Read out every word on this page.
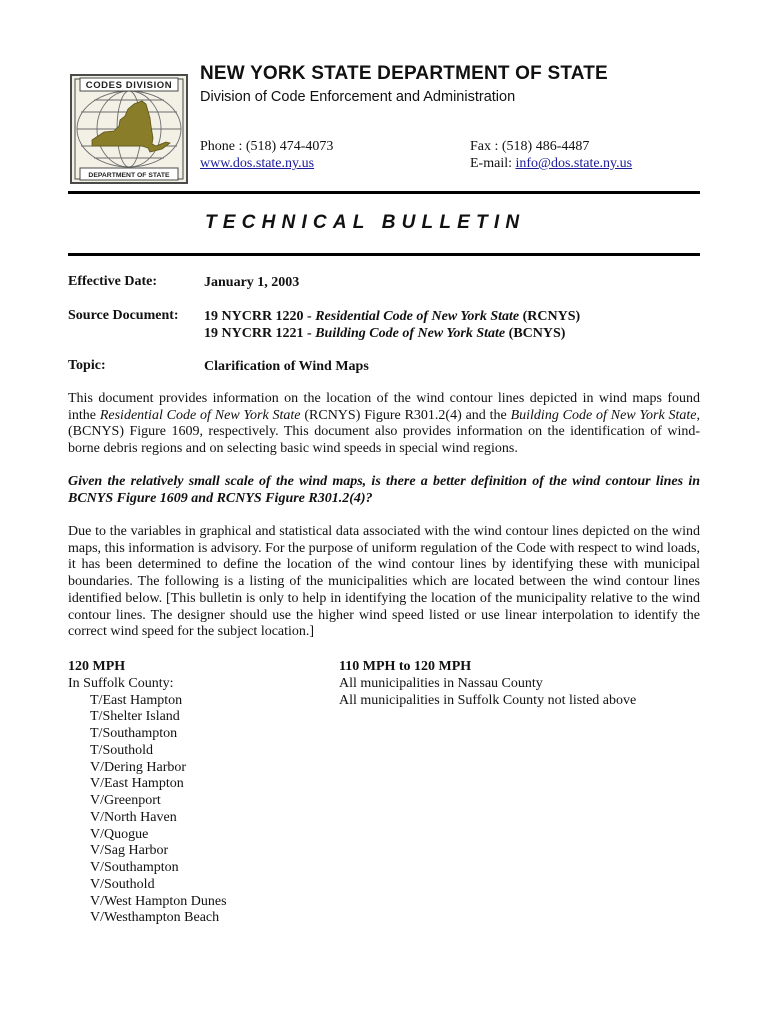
CODES DIVISION
DEPARTMENT OF STATE
NEW YORK STATE DEPARTMENT OF STATE
Division of Code Enforcement and Administration
Phone : (518) 474-4073
www.dos.state.ny.us
Fax : (518) 486-4487
E-mail: info@dos.state.ny.us
TECHNICAL BULLETIN
Effective Date:	January 1, 2003
Source Document: 19 NYCRR 1220 - Residential Code of New York State (RCNYS)
19 NYCRR 1221 - Building Code of New York State (BCNYS)
Topic:	Clarification of Wind Maps

This document provides information on the location of the wind contour lines depicted in wind maps found inthe Residential Code of New York State (RCNYS) Figure R301.2(4) and the Building Code of New York State, (BCNYS) Figure 1609, respectively. This document also provides information on the identification of wind-borne debris regions and on selecting basic wind speeds in special wind regions.

Given the relatively small scale of the wind maps, is there a better definition of the wind contour lines in BCNYS Figure 1609 and RCNYS Figure R301.2(4)?

Due to the variables in graphical and statistical data associated with the wind contour lines depicted on the wind maps, this information is advisory. For the purpose of uniform regulation of the Code with respect to wind loads, it has been determined to define the location of the wind contour lines by identifying these with municipal boundaries. The following is a listing of the municipalities which are located between the wind contour lines identified below. [This bulletin is only to help in identifying the location of the municipality relative to the wind contour lines. The designer should use the higher wind speed listed or use linear interpolation to identify the correct wind speed for the subject location.]

120 MPH
In Suffolk County:
T/East Hampton
T/Shelter Island
T/Southampton
T/Southold
V/Dering Harbor
V/East Hampton
V/Greenport
V/North Haven
V/Quogue
V/Sag Harbor
V/Southampton
V/Southold
V/West Hampton Dunes
V/Westhampton Beach
110 MPH to 120 MPH
All municipalities in Nassau County
All municipalities in Suffolk County not listed above
